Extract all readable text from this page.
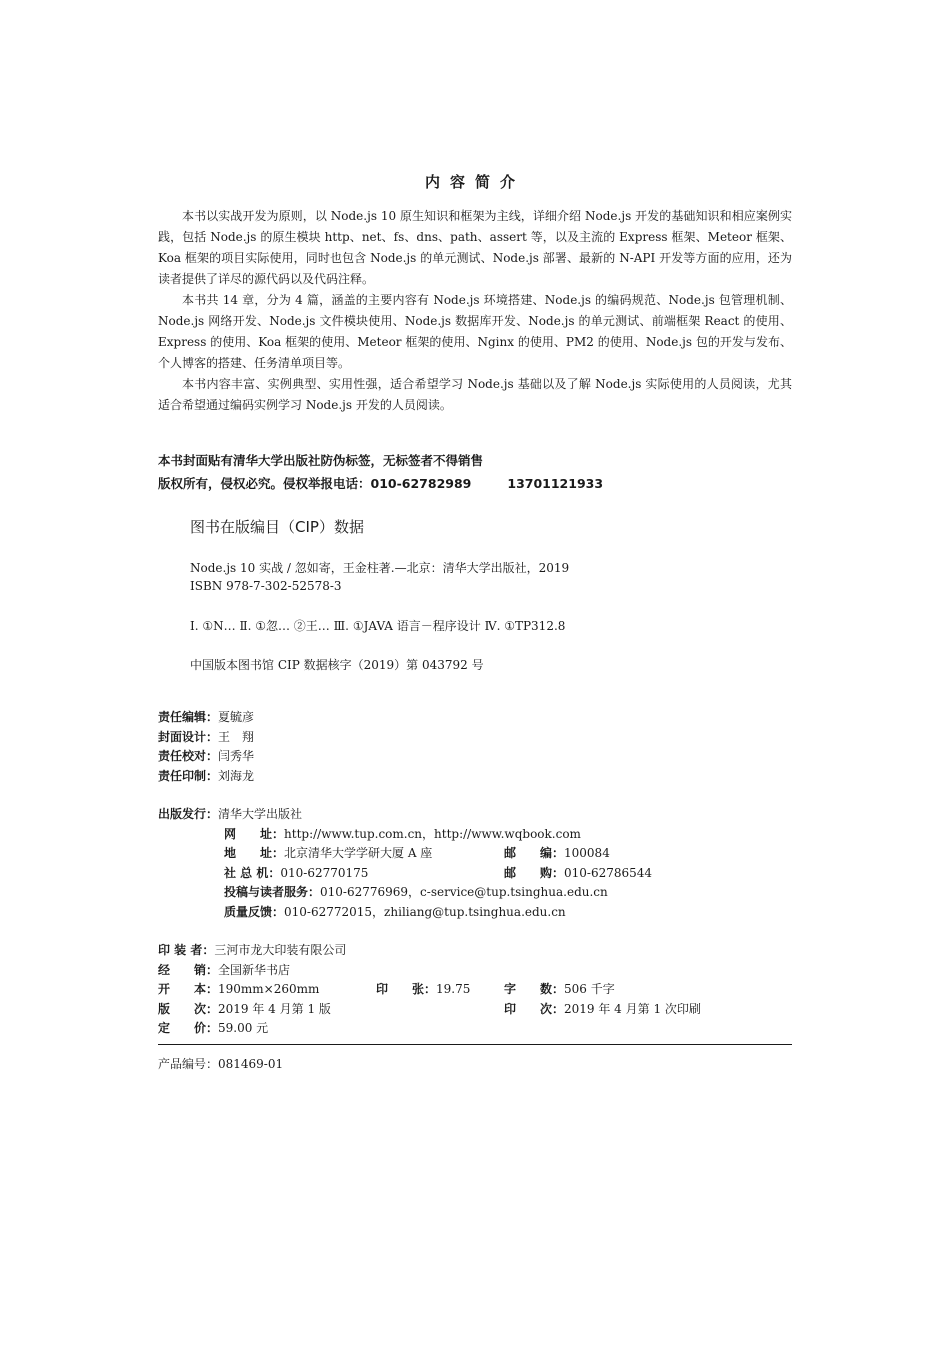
内容简介

本书以实战开发为原则，以 Node.js 10 原生知识和框架为主线，详细介绍 Node.js 开发的基础知识和相应案例实践，包括 Node.js 的原生模块 http、net、fs、dns、path、assert 等，以及主流的 Express 框架、Meteor 框架、Koa 框架的项目实际使用，同时也包含 Node.js 的单元测试、Node.js 部署、最新的 N-API 开发等方面的应用，还为读者提供了详尽的源代码以及代码注释。

本书共 14 章，分为 4 篇，涵盖的主要内容有 Node.js 环境搭建、Node.js 的编码规范、Node.js 包管理机制、Node.js 网络开发、Node.js 文件模块使用、Node.js 数据库开发、Node.js 的单元测试、前端框架 React 的使用、Express 的使用、Koa 框架的使用、Meteor 框架的使用、Nginx 的使用、PM2 的使用、Node.js 包的开发与发布、个人博客的搭建、任务清单项目等。

本书内容丰富、实例典型、实用性强，适合希望学习 Node.js 基础以及了解 Node.js 实际使用的人员阅读，尤其适合希望通过编码实例学习 Node.js 开发的人员阅读。

本书封面贴有清华大学出版社防伪标签，无标签者不得销售
版权所有，侵权必究。侵权举报电话：010-62782989	13701121933
图书在版编目（CIP）数据
Node.js 10 实战 / 忽如寄，王金柱著.—北京：清华大学出版社，2019
ISBN 978-7-302-52578-3
Ⅰ. ①N… Ⅱ. ①忽… ②王… Ⅲ. ①JAVA 语言－程序设计 Ⅳ. ①TP312.8
中国版本图书馆 CIP 数据核字（2019）第 043792 号
责任编辑：夏毓彦
封面设计：王　翔
责任校对：闫秀华
责任印制：刘海龙
出版发行：清华大学出版社
网　　址：http://www.tup.com.cn，http://www.wqbook.com
地　　址：北京清华大学学研大厦 A 座	邮　　编：100084
社 总 机：010-62770175	邮　　购：010-62786544
投稿与读者服务：010-62776969，c-service@tup.tsinghua.edu.cn
质量反馈：010-62772015，zhiliang@tup.tsinghua.edu.cn
印 装 者：三河市龙大印装有限公司
经　　销：全国新华书店
开　　本：190mm×260mm	印　　张：19.75	字　　数：506 千字
版　　次：2019 年 4 月第 1 版	印　　次：2019 年 4 月第 1 次印刷
定　　价：59.00 元
产品编号：081469-01
